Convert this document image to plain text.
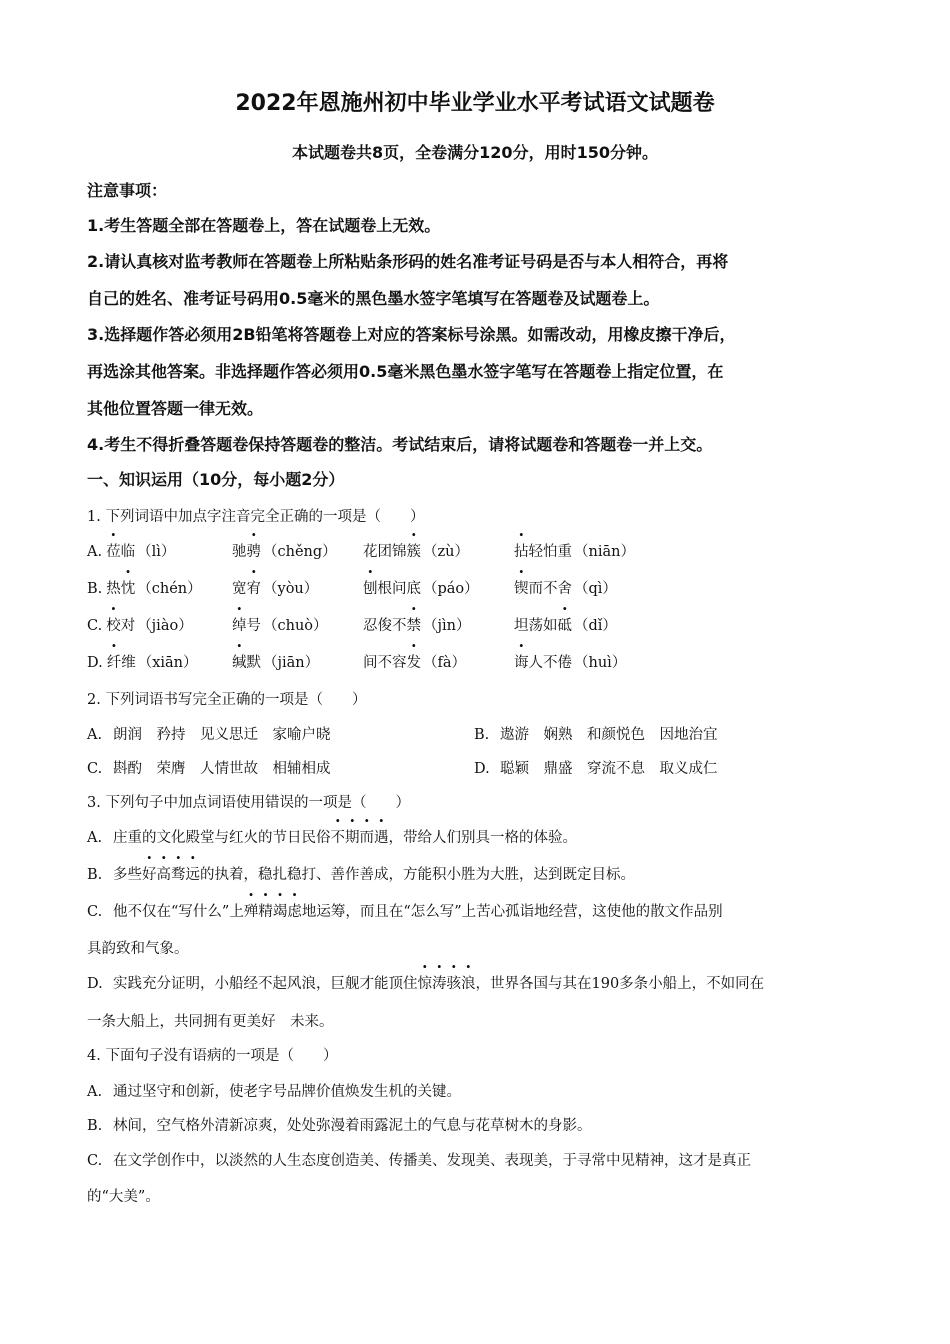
2022年恩施州初中毕业学业水平考试语文试题卷
本试题卷共8页，全卷满分120分，用时150分钟。
注意事项：
1.考生答题全部在答题卷上，答在试题卷上无效。
2.请认真核对监考教师在答题卷上所粘贴条形码的姓名准考证号码是否与本人相符合，再将
自己的姓名、准考证号码用0.5毫米的黑色墨水签字笔填写在答题卷及试题卷上。
3.选择题作答必须用2B铅笔将答题卷上对应的答案标号涂黑。如需改动，用橡皮擦干净后，
再选涂其他答案。非选择题作答必须用0.5毫米黑色墨水签字笔写在答题卷上指定位置，在
其他位置答题一律无效。
4.考生不得折叠答题卷保持答题卷的整洁。考试结束后，请将试题卷和答题卷一并上交。
一、知识运用（10分，每小题2分）
1. 下列词语中加点字注音完全正确的一项是（　　）
A. 莅临 （lì）	驰骋 （chěng） 花团锦簇 （zù）	拈轻怕重 （niān）
B. 热忱 （chén） 宽宥 （yòu）	刨根问底 （páo） 锲而不舍 （qì）
C. 校对 （jiào）	绰号 （chuò） 忍俊不禁 （jìn）	坦荡如砥 （dǐ）
D. 纤维 （xiān） 缄默 （jiān）	间不容发 （fà）	诲人不倦 （huì）
2. 下列词语书写完全正确的一项是（　　）
A. 朗润　矜持　见义思迁　家喻户晓	B. 遨游　娴熟　和颜悦色　因地治宜
C. 斟酌　荣膺　人情世故　相辅相成	D. 聪颖　鼎盛　穿流不息　取义成仁
3. 下列句子中加点词语使用错误的一项是（　　）
A. 庄重的文化殿堂与红火的节日民俗不期而遇，带给人们别具一格的体验。
B. 多些好高骛远的执着，稳扎稳打、善作善成，方能积小胜为大胜，达到既定目标。
C. 他不仅在“写什么”上殚精竭虑地运筹，而且在“怎么写”上苦心孤诣地经营，这使他的散文作品别
具韵致和气象。
D. 实践充分证明，小船经不起风浪，巨舰才能顶住惊涛骇浪，世界各国与其在190多条小船上，不如同在
一条大船上，共同拥有更美好　未来。
4. 下面句子没有语病的一项是（　　）
A. 通过坚守和创新，使老字号品牌价值焕发生机的关键。
B. 林间，空气格外清新凉爽，处处弥漫着雨露泥土的气息与花草树木的身影。
C. 在文学创作中，以淡然的人生态度创造美、传播美、发现美、表现美，于寻常中见精神，这才是真正
的“大美”。
